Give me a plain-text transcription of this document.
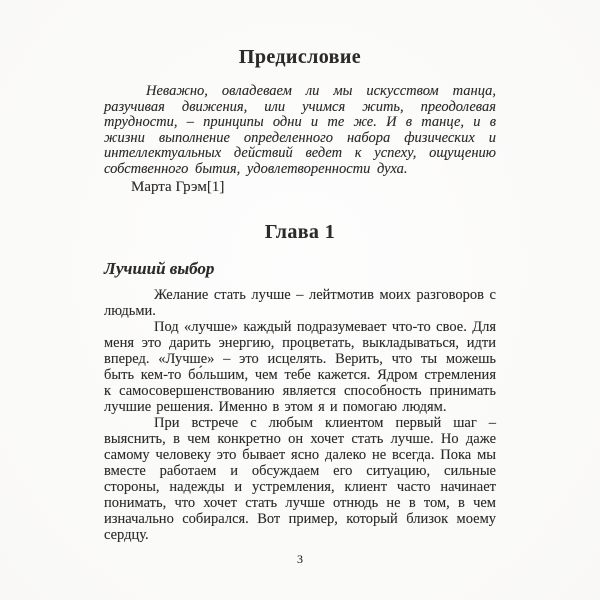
Предисловие

Неважно, овладеваем ли мы искусством танца, разучивая движения, или учимся жить, преодолевая трудности, – принципы одни и те же. И в танце, и в жизни выполнение определенного набора физических и интеллектуальных действий ведет к успеху, ощущению собственного бытия, удовлетворенности духа.

Марта Грэм[1]

Глава 1
Лучший выбор

Желание стать лучше – лейтмотив моих разговоров с людьми.

Под «лучше» каждый подразумевает что-то свое. Для меня это дарить энергию, процветать, выкладываться, идти вперед. «Лучше» – это исцелять. Верить, что ты можешь быть кем-то бо́льшим, чем тебе кажется. Ядром стремления к самосовершенствованию является способность принимать лучшие решения. Именно в этом я и помогаю людям.

При встрече с любым клиентом первый шаг – выяснить, в чем конкретно он хочет стать лучше. Но даже самому человеку это бывает ясно далеко не всегда. Пока мы вместе работаем и обсуждаем его ситуацию, сильные стороны, надежды и устремления, клиент часто начинает понимать, что хочет стать лучше отнюдь не в том, в чем изначально собирался. Вот пример, который близок моему сердцу.

3
